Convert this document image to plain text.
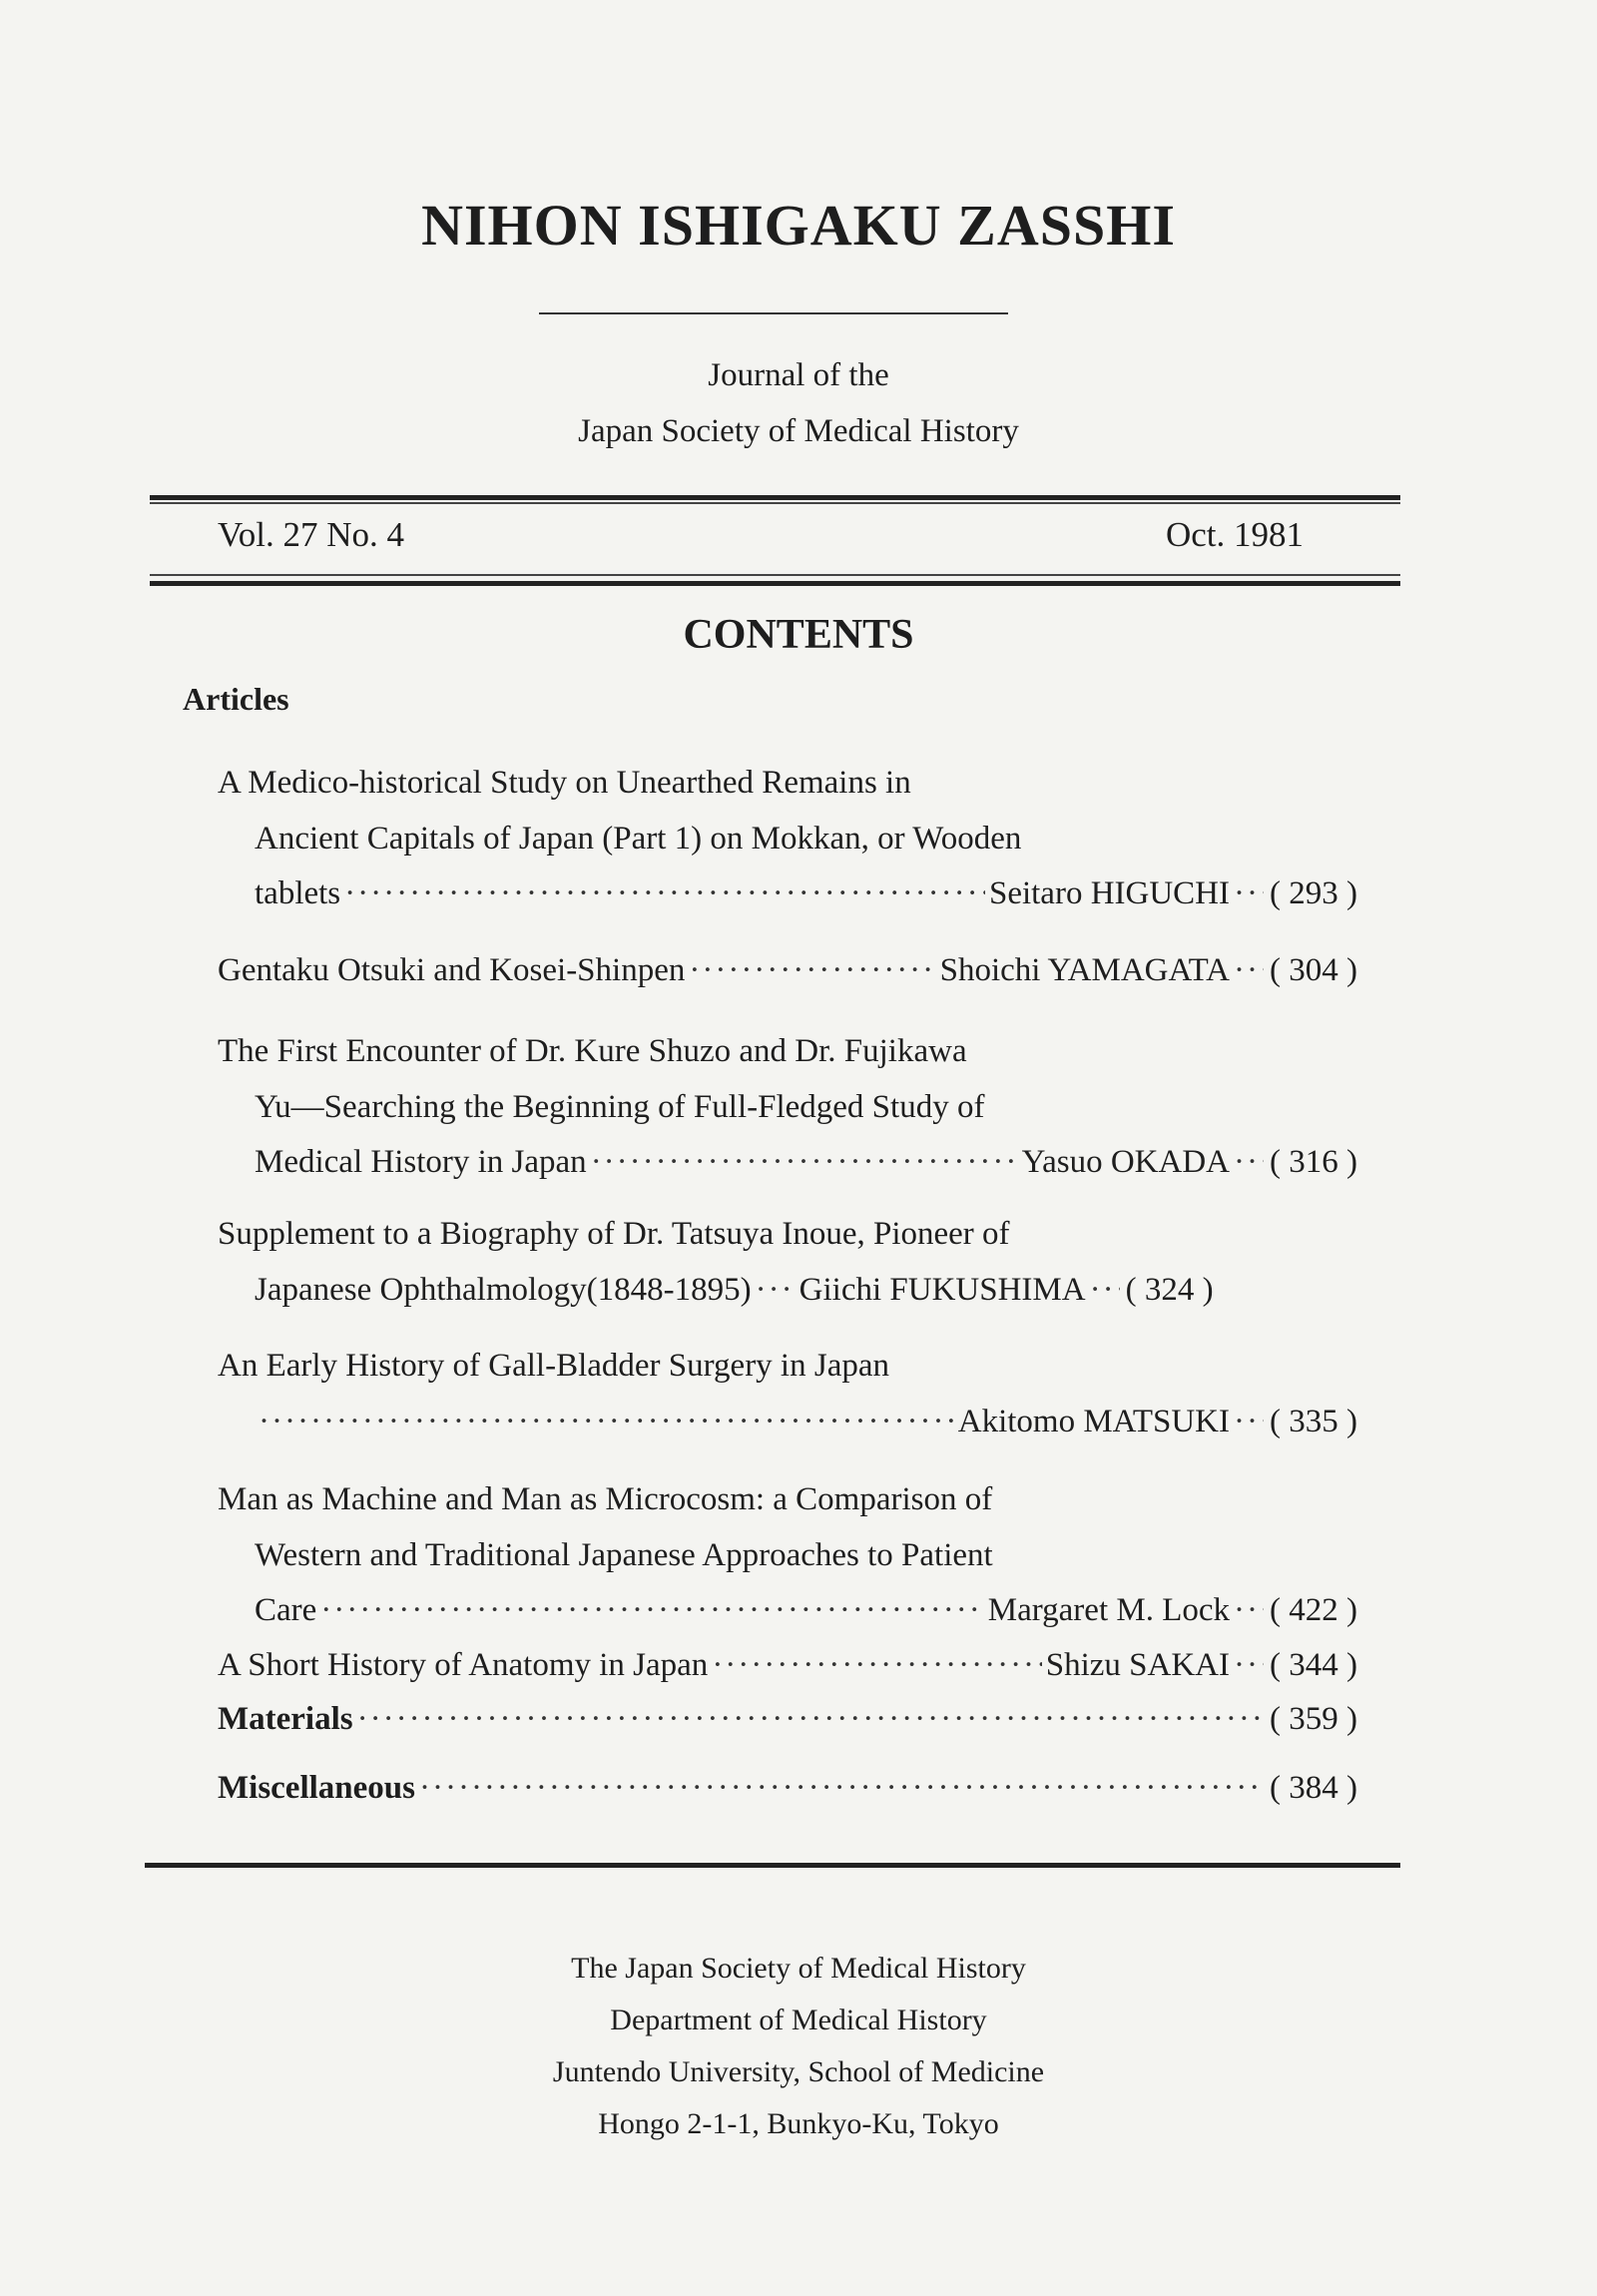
NIHON ISHIGAKU ZASSHI
Journal of the
Japan Society of Medical History
Vol. 27 No. 4	Oct. 1981
CONTENTS
Articles
A Medico-historical Study on Unearthed Remains in
Ancient Capitals of Japan (Part 1) on Mokkan, or Wooden
tablets ·····	Seitaro HIGUCHI ····· ( 293 )
Gentaku Otsuki and Kosei-Shinpen ·····	Shoichi YAMAGATA ····· ( 304 )
The First Encounter of Dr. Kure Shuzo and Dr. Fujikawa
Yu—Searching the Beginning of Full-Fledged Study of
Medical History in Japan ·····	Yasuo OKADA ····· ( 316 )
Supplement to a Biography of Dr. Tatsuya Inoue, Pioneer of
Japanese Ophthalmology(1848-1895) ····· Giichi FUKUSHIMA ····· ( 324 )
An Early History of Gall-Bladder Surgery in Japan
·····
Akitomo MATSUKI ····· ( 335 )
Man as Machine and Man as Microcosm: a Comparison of
Western and Traditional Japanese Approaches to Patient
Care ·····	Margaret M. Lock ····· ( 422 )
A Short History of Anatomy in Japan ·····	Shizu SAKAI ····· ( 344 )
Materials ·····	( 359 )
Miscellaneous ·····	( 384 )
The Japan Society of Medical History
Department of Medical History
Juntendo University, School of Medicine
Hongo 2-1-1, Bunkyo-Ku, Tokyo
